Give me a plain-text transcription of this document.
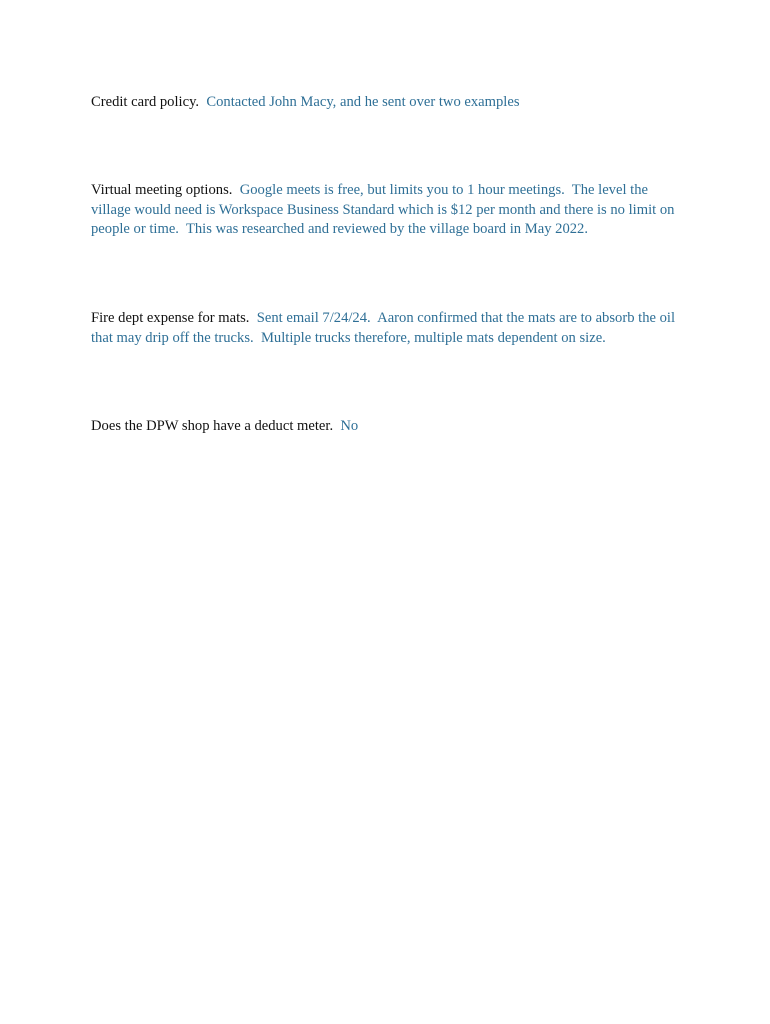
Credit card policy. Contacted John Macy, and he sent over two examples

Virtual meeting options. Google meets is free, but limits you to 1 hour meetings.  The level the village would need is Workspace Business Standard which is $12 per month and there is no limit on people or time.  This was researched and reviewed by the village board in May 2022.

Fire dept expense for mats. Sent email 7/24/24.  Aaron confirmed that the mats are to absorb the oil that may drip off the trucks.  Multiple trucks therefore, multiple mats dependent on size.

Does the DPW shop have a deduct meter. No
